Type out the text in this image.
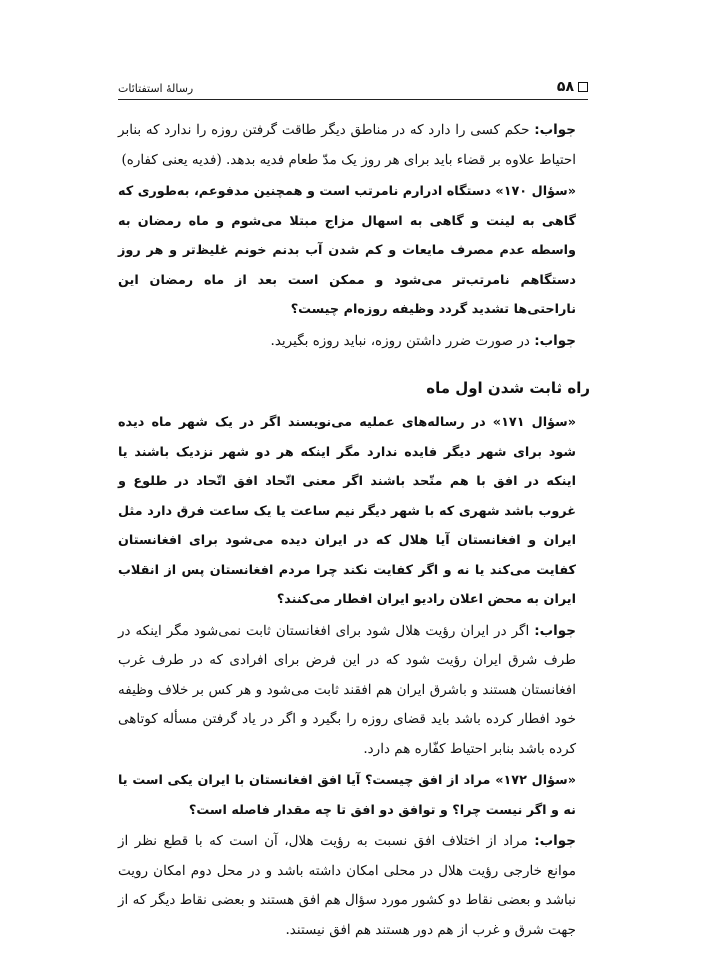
۵۸
رسالهٔ استفتائات

جواب: حکم کسی را دارد که در مناطق دیگر طاقت گرفتن روزه را ندارد که بنابر احتیاط علاوه بر قضاء باید برای هر روز یک مدّ طعام فدیه بدهد. (فدیه یعنی کفاره)

«سؤال ۱۷۰» دستگاه ادرارم نامرتب است و همچنین مدفوعم، به‌طوری که گاهی به لینت و گاهی به اسهال مزاج مبتلا می‌شوم و ماه رمضان به واسطه عدم مصرف مایعات و کم شدن آب بدنم خونم غلیظ‌تر و هر روز دستگاهم نامرتب‌تر می‌شود و ممکن است بعد از ماه رمضان این ناراحتی‌ها تشدید گردد وظیفه روزه‌ام چیست؟

جواب: در صورت ضرر داشتن روزه، نباید روزه بگیرید.

راه ثابت شدن اول ماه

«سؤال ۱۷۱» در رساله‌های عملیه می‌نویسند اگر در یک شهر ماه دیده شود برای شهر دیگر فایده ندارد مگر اینکه هر دو شهر نزدیک باشند یا اینکه در افق با هم متّحد باشند اگر معنی اتّحاد افق اتّحاد در طلوع و غروب باشد شهری که با شهر دیگر نیم ساعت یا یک ساعت فرق دارد مثل ایران و افغانستان آیا هلال که در ایران دیده می‌شود برای افغانستان کفایت می‌کند یا نه و اگر کفایت نکند چرا مردم افغانستان پس از انقلاب ایران به محض اعلان رادیو ایران افطار می‌کنند؟

جواب: اگر در ایران رؤیت هلال شود برای افغانستان ثابت نمی‌شود مگر اینکه در طرف شرق ایران رؤیت شود که در این فرض برای افرادی که در طرف غرب افغانستان هستند و باشرق ایران هم افقند ثابت می‌شود و هر کس بر خلاف وظیفه خود افطار کرده باشد باید قضای روزه را بگیرد و اگر در یاد گرفتن مسأله کوتاهی کرده باشد بنابر احتیاط کفّاره هم دارد.

«سؤال ۱۷۲» مراد از افق چیست؟ آیا افق افغانستان با ایران یکی است یا نه و اگر نیست چرا؟ و توافق دو افق تا چه مقدار فاصله است؟

جواب: مراد از اختلاف افق نسبت به رؤیت هلال، آن است که با قطع نظر از موانع خارجی رؤیت هلال در محلی امکان داشته باشد و در محل دوم امکان رویت نباشد و بعضی نقاط دو کشور مورد سؤال هم افق هستند و بعضی نقاط دیگر که از جهت شرق و غرب از هم دور هستند هم افق نیستند.
